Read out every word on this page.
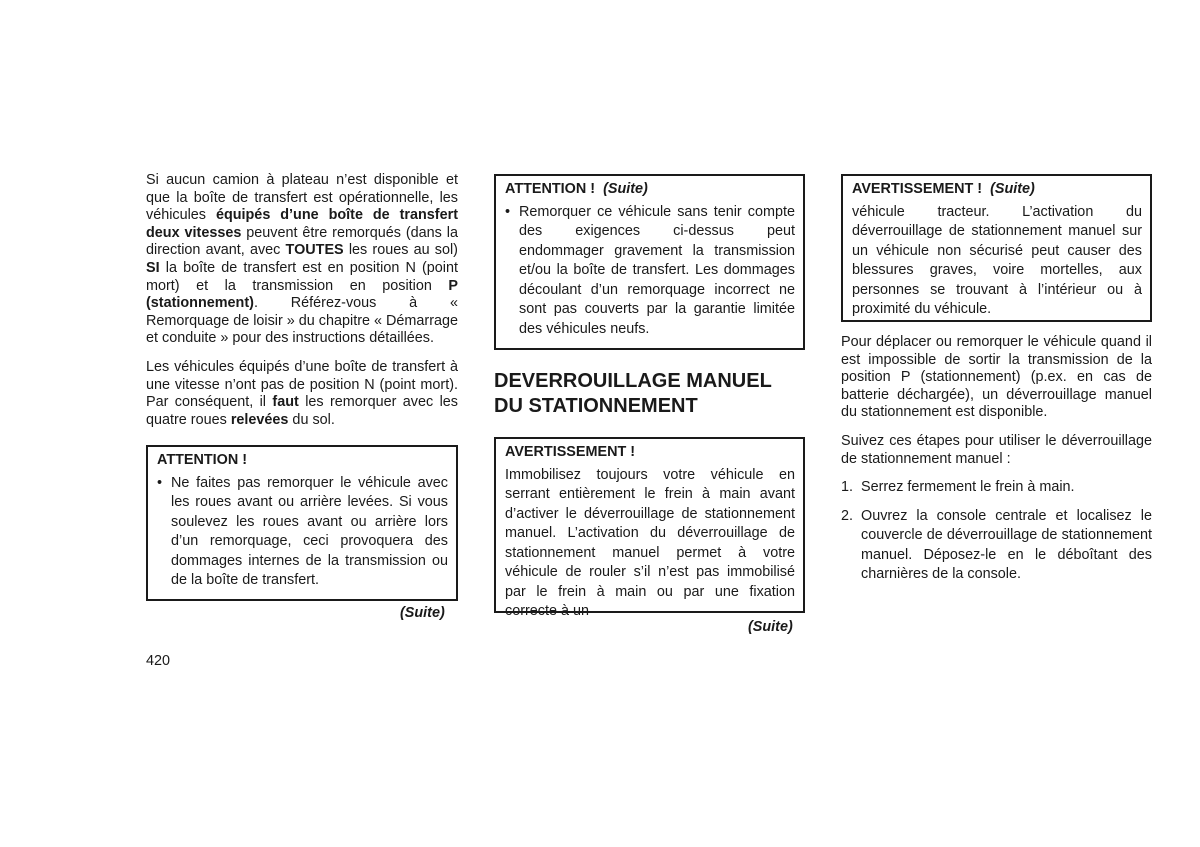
Si aucun camion à plateau n’est disponible et que la boîte de transfert est opérationnelle, les véhicules équipés d’une boîte de transfert deux vitesses peuvent être remorqués (dans la direction avant, avec TOUTES les roues au sol) SI la boîte de transfert est en position N (point mort) et la transmission en position P (stationnement). Référez-vous à « Remorquage de loisir » du chapitre « Démarrage et conduite » pour des instructions détaillées.

Les véhicules équipés d’une boîte de transfert à une vitesse n’ont pas de position N (point mort). Par conséquent, il faut les remorquer avec les quatre roues relevées du sol.

ATTENTION !
• Ne faites pas remorquer le véhicule avec les roues avant ou arrière levées. Si vous soulevez les roues avant ou arrière lors d’un remorquage, ceci provoquera des dommages internes de la transmission ou de la boîte de transfert.
(Suite)
420
ATTENTION ! (Suite)
• Remorquer ce véhicule sans tenir compte des exigences ci-dessus peut endommager gravement la transmission et/ou la boîte de transfert. Les dommages découlant d’un remorquage incorrect ne sont pas couverts par la garantie limitée des véhicules neufs.
DEVERROUILLAGE MANUEL
DU STATIONNEMENT
AVERTISSEMENT !
Immobilisez toujours votre véhicule en serrant entièrement le frein à main avant d’activer le déverrouillage de stationnement manuel. L’activation du déverrouillage de stationnement manuel permet à votre véhicule de rouler s’il n’est pas immobilisé par le frein à main ou par une fixation correcte à un
(Suite)
AVERTISSEMENT ! (Suite)
véhicule tracteur. L’activation du déverrouillage de stationnement manuel sur un véhicule non sécurisé peut causer des blessures graves, voire mortelles, aux personnes se trouvant à l’intérieur ou à proximité du véhicule.

Pour déplacer ou remorquer le véhicule quand il est impossible de sortir la transmission de la position P (stationnement) (p.ex. en cas de batterie déchargée), un déverrouillage manuel du stationnement est disponible.

Suivez ces étapes pour utiliser le déverrouillage de stationnement manuel :

1. Serrez fermement le frein à main.
2. Ouvrez la console centrale et localisez le couvercle de déverrouillage de stationnement manuel. Déposez-le en le déboîtant des charnières de la console.
